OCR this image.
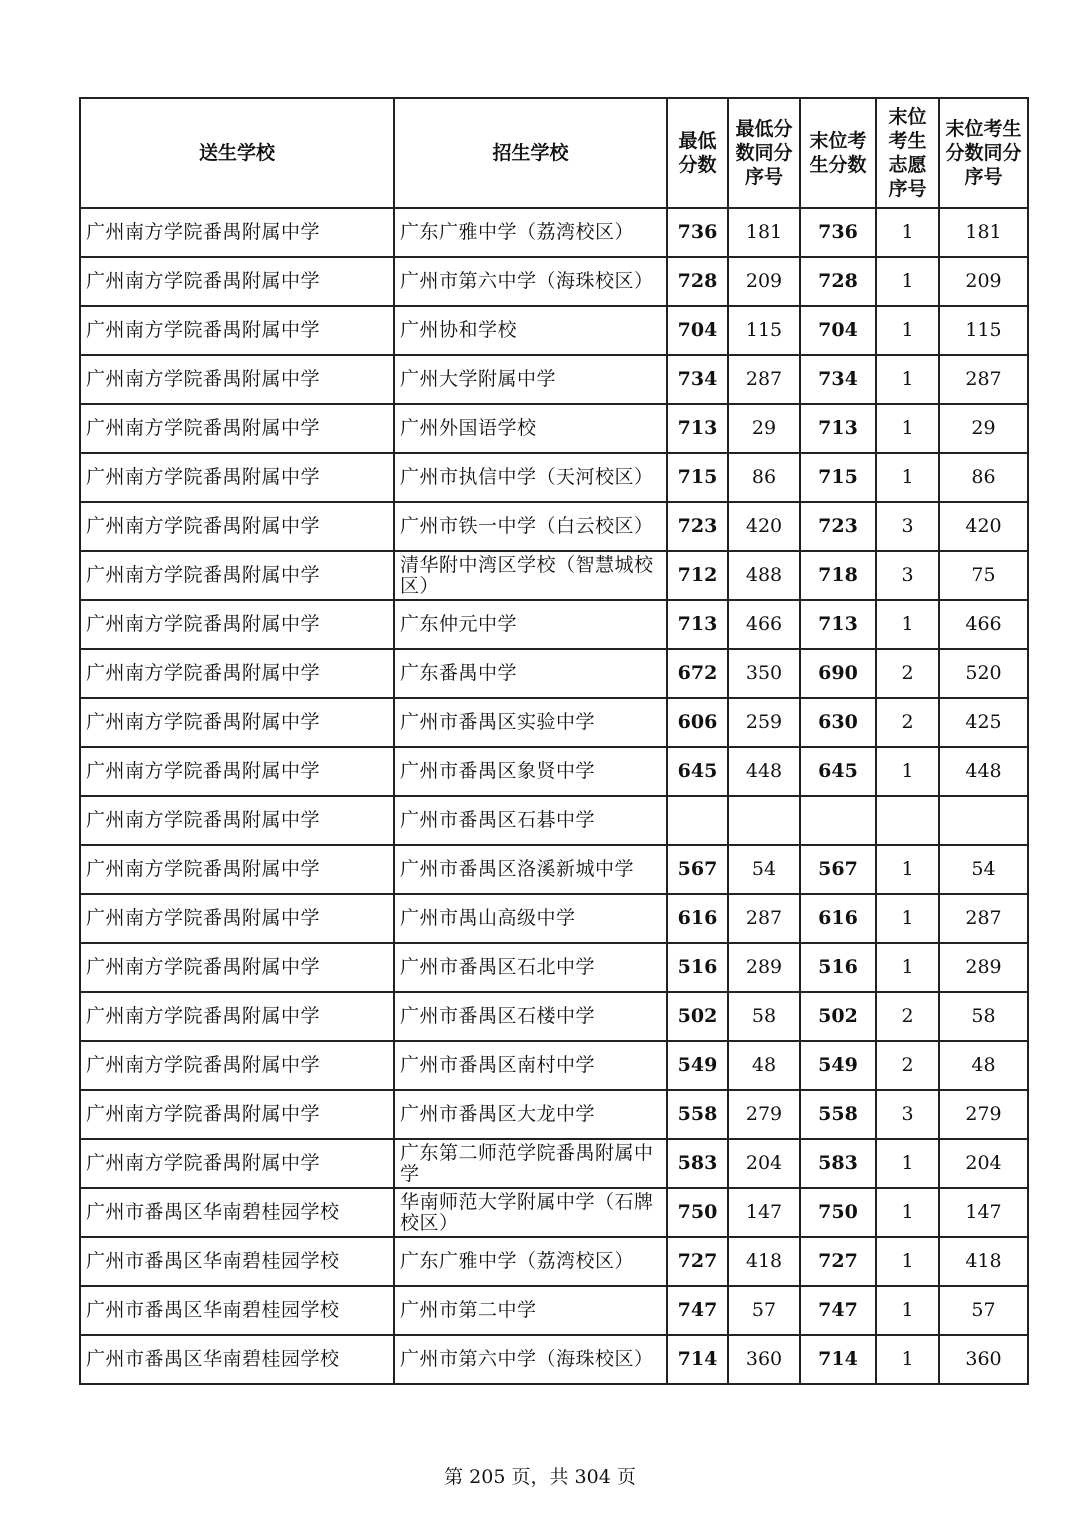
送生学校	招生学校	最低分数	最低分数同分序号	末位考生分数	末位考生志愿序号	末位考生分数同分序号
广州南方学院番禺附属中学	广东广雅中学（荔湾校区）	736	181	736	1	181
广州南方学院番禺附属中学	广州市第六中学（海珠校区）	728	209	728	1	209
广州南方学院番禺附属中学	广州协和学校	704	115	704	1	115
广州南方学院番禺附属中学	广州大学附属中学	734	287	734	1	287
广州南方学院番禺附属中学	广州外国语学校	713	29	713	1	29
广州南方学院番禺附属中学	广州市执信中学（天河校区）	715	86	715	1	86
广州南方学院番禺附属中学	广州市铁一中学（白云校区）	723	420	723	3	420
广州南方学院番禺附属中学	清华附中湾区学校（智慧城校区）	712	488	718	3	75
广州南方学院番禺附属中学	广东仲元中学	713	466	713	1	466
广州南方学院番禺附属中学	广东番禺中学	672	350	690	2	520
广州南方学院番禺附属中学	广州市番禺区实验中学	606	259	630	2	425
广州南方学院番禺附属中学	广州市番禺区象贤中学	645	448	645	1	448
广州南方学院番禺附属中学	广州市番禺区石碁中学					
广州南方学院番禺附属中学	广州市番禺区洛溪新城中学	567	54	567	1	54
广州南方学院番禺附属中学	广州市禺山高级中学	616	287	616	1	287
广州南方学院番禺附属中学	广州市番禺区石北中学	516	289	516	1	289
广州南方学院番禺附属中学	广州市番禺区石楼中学	502	58	502	2	58
广州南方学院番禺附属中学	广州市番禺区南村中学	549	48	549	2	48
广州南方学院番禺附属中学	广州市番禺区大龙中学	558	279	558	3	279
广州南方学院番禺附属中学	广东第二师范学院番禺附属中学	583	204	583	1	204
广州市番禺区华南碧桂园学校	华南师范大学附属中学（石牌校区）	750	147	750	1	147
广州市番禺区华南碧桂园学校	广东广雅中学（荔湾校区）	727	418	727	1	418
广州市番禺区华南碧桂园学校	广州市第二中学	747	57	747	1	57
广州市番禺区华南碧桂园学校	广州市第六中学（海珠校区）	714	360	714	1	360
第 205 页，共 304 页
